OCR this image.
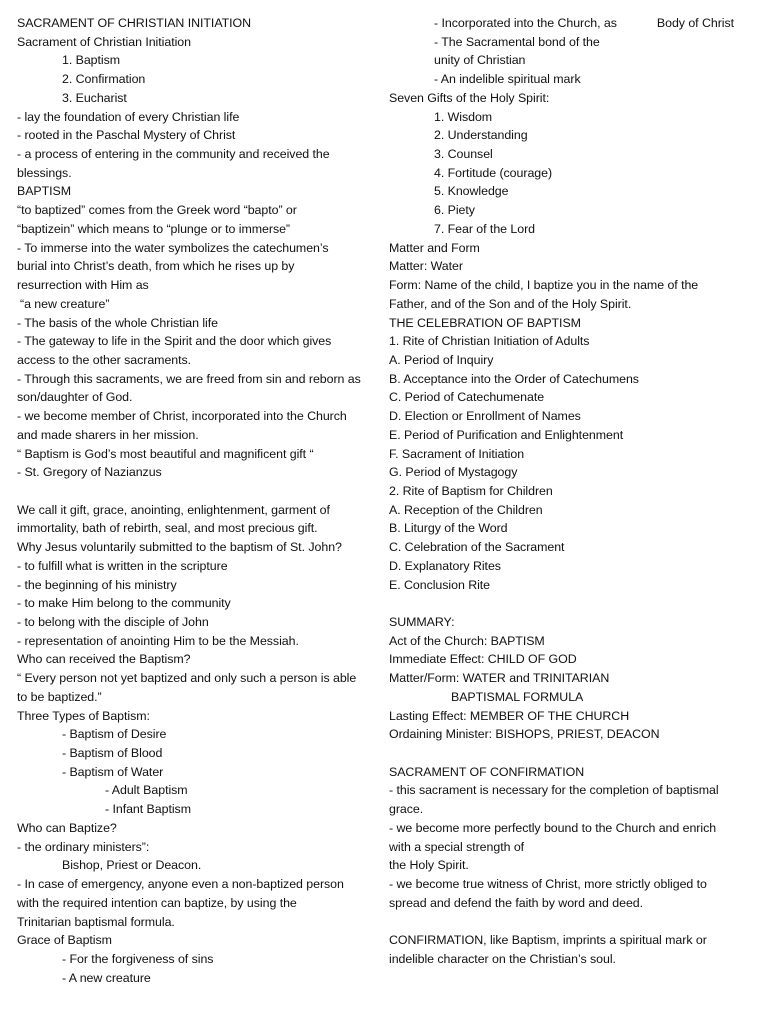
SACRAMENT OF CHRISTIAN INITIATION
Sacrament of Christian Initiation
1. Baptism
2. Confirmation
3. Eucharist
- lay the foundation of every Christian life
- rooted in the Paschal Mystery of Christ
- a process of entering in the community and received the
blessings.
BAPTISM
“to baptized” comes from the Greek word “bapto” or
“baptizein” which means to “plunge or to immerse”
- To immerse into the water symbolizes the catechumen’s
burial into Christ’s death, from which he rises up by
resurrection with Him as
“a new creature”
- The basis of the whole Christian life
- The gateway to life in the Spirit and the door which gives
access to the other sacraments.
- Through this sacraments, we are freed from sin and reborn as
son/daughter of God.
- we become member of Christ, incorporated into the Church
and made sharers in her mission.
“ Baptism is God’s most beautiful and magnificent gift “
- St. Gregory of Nazianzus
We call it gift, grace, anointing, enlightenment, garment of
immortality, bath of rebirth, seal, and most precious gift.
Why Jesus voluntarily submitted to the baptism of St. John?
- to fulfill what is written in the scripture
- the beginning of his ministry
- to make Him belong to the community
- to belong with the disciple of John
- representation of anointing Him to be the Messiah.
Who can received the Baptism?
“ Every person not yet baptized and only such a person is able
to be baptized.”
Three Types of Baptism:
- Baptism of Desire
- Baptism of Blood
- Baptism of Water
- Adult Baptism
- Infant Baptism
Who can Baptize?
- the ordinary ministers”:
Bishop, Priest or Deacon.
- In case of emergency, anyone even a non-baptized person
with the required intention can baptize, by using the
Trinitarian baptismal formula.
Grace of Baptism
- For the forgiveness of sins
- A new creature
- Incorporated into the Church, as	Body of Christ
- The Sacramental bond of the
unity of Christian
- An indelible spiritual mark
Seven Gifts of the Holy Spirit:
1. Wisdom
2. Understanding
3. Counsel
4. Fortitude (courage)
5. Knowledge
6. Piety
7. Fear of the Lord
Matter and Form
Matter: Water
Form: Name of the child, I baptize you in the name of the
Father, and of the Son and of the Holy Spirit.
THE CELEBRATION OF BAPTISM
1. Rite of Christian Initiation of Adults
A. Period of Inquiry
B. Acceptance into the Order of Catechumens
C. Period of Catechumenate
D. Election or Enrollment of Names
E. Period of Purification and Enlightenment
F. Sacrament of Initiation
G. Period of Mystagogy
2. Rite of Baptism for Children
A. Reception of the Children
B. Liturgy of the Word
C. Celebration of the Sacrament
D. Explanatory Rites
E. Conclusion Rite
SUMMARY:
Act of the Church: BAPTISM
Immediate Effect: CHILD OF GOD
Matter/Form: WATER and TRINITARIAN
BAPTISMAL FORMULA
Lasting Effect: MEMBER OF THE CHURCH
Ordaining Minister: BISHOPS, PRIEST, DEACON
SACRAMENT OF CONFIRMATION
- this sacrament is necessary for the completion of baptismal
grace.
- we become more perfectly bound to the Church and enrich
with a special strength of
the Holy Spirit.
- we become true witness of Christ, more strictly obliged to
spread and defend the faith by word and deed.
CONFIRMATION, like Baptism, imprints a spiritual mark or
indelible character on the Christian’s soul.
